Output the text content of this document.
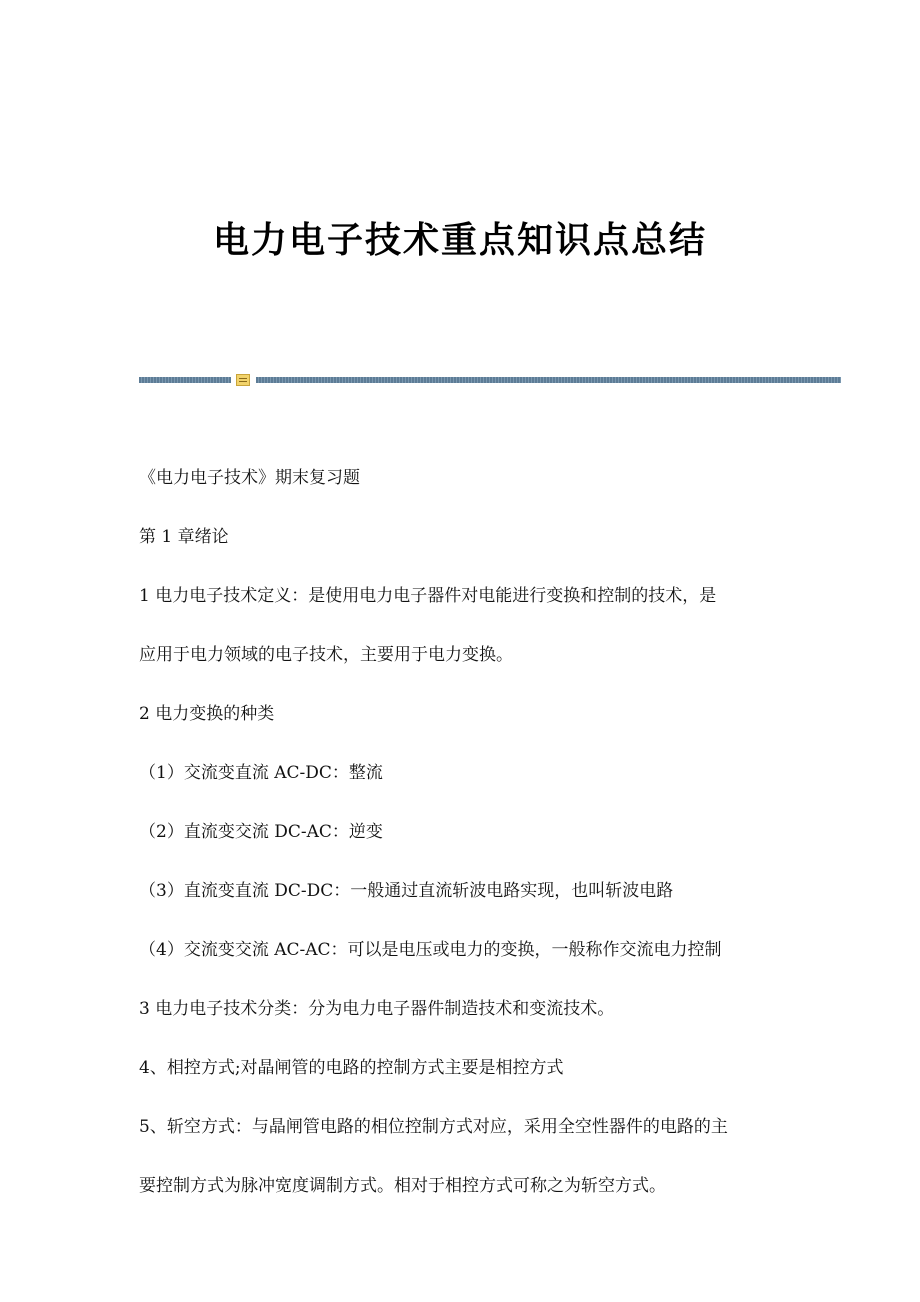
电力电子技术重点知识点总结

《电力电子技术》期末复习题

第 1 章绪论

1 电力电子技术定义：是使用电力电子器件对电能进行变换和控制的技术，是

应用于电力领域的电子技术，主要用于电力变换。

2 电力变换的种类

（1）交流变直流 AC-DC：整流

（2）直流变交流 DC-AC：逆变

（3）直流变直流 DC-DC：一般通过直流斩波电路实现，也叫斩波电路

（4）交流变交流 AC-AC：可以是电压或电力的变换，一般称作交流电力控制

3 电力电子技术分类：分为电力电子器件制造技术和变流技术。

4、相控方式;对晶闸管的电路的控制方式主要是相控方式

5、斩空方式：与晶闸管电路的相位控制方式对应，采用全空性器件的电路的主

要控制方式为脉冲宽度调制方式。相对于相控方式可称之为斩空方式。
